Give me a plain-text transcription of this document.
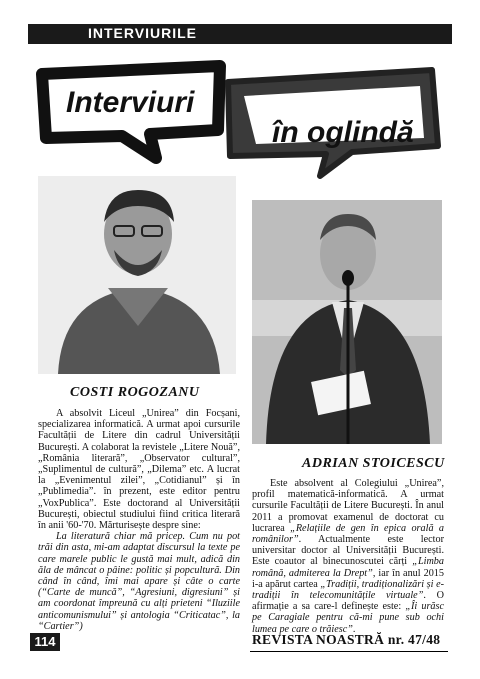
INTERVIURILE
Interviuri
în oglindă
COSTI ROGOZANU
ADRIAN STOICESCU

A absolvit Liceul „Unirea” din Focșani, specializarea informatică. A urmat apoi cursurile Facultății de Litere din cadrul Universității București. A colaborat la revistele „Litere Nouă”, „România literară”, „Observator cultural”, „Suplimentul de cultură”, „Dilema” etc. A lucrat la „Evenimentul zilei”, „Cotidianul” și în „Publimedia”. în prezent, este editor pentru „VoxPublica”. Este doctorand al Universității București, obiectul studiului fiind critica literară în anii '60-'70. Mărturisește despre sine:

La literatură chiar mă pricep. Cum nu pot trăi din asta, mi-am adaptat discursul la texte pe care marele public le gustă mai mult, adică din ăla de mâncat o pâine: politic și popculturã. Din când în când, îmi mai apare și câte o carte (“Carte de muncă”, “Agresiuni, digresiuni” și am coordonat împreună cu alți prieteni “Iluziile anticomunismului” și antologia “Criticatac”, la “Cartier”)

Este absolvent al Colegiului „Unirea”, profil matematică-informatică. A urmat cursurile Facultății de Litere București. În anul 2011 a promovat examenul de doctorat cu lucrarea „Relațiile de gen în epica orală a românilor”. Actualmente este lector universitar doctor al Universității București. Este coautor al binecunoscutei cărți „Limba română, admiterea la Drept”, iar în anul 2015 i-a apărut cartea „Tradiții, tradiționalizări și e-tradiții în telecomunitățile virtuale”. O afirmație a sa care-l definește este: „Îi urăsc pe Caragiale pentru că-mi pune sub ochi lumea pe care o trăiesc”.

114	REVISTA NOASTRĂ nr. 47/48
